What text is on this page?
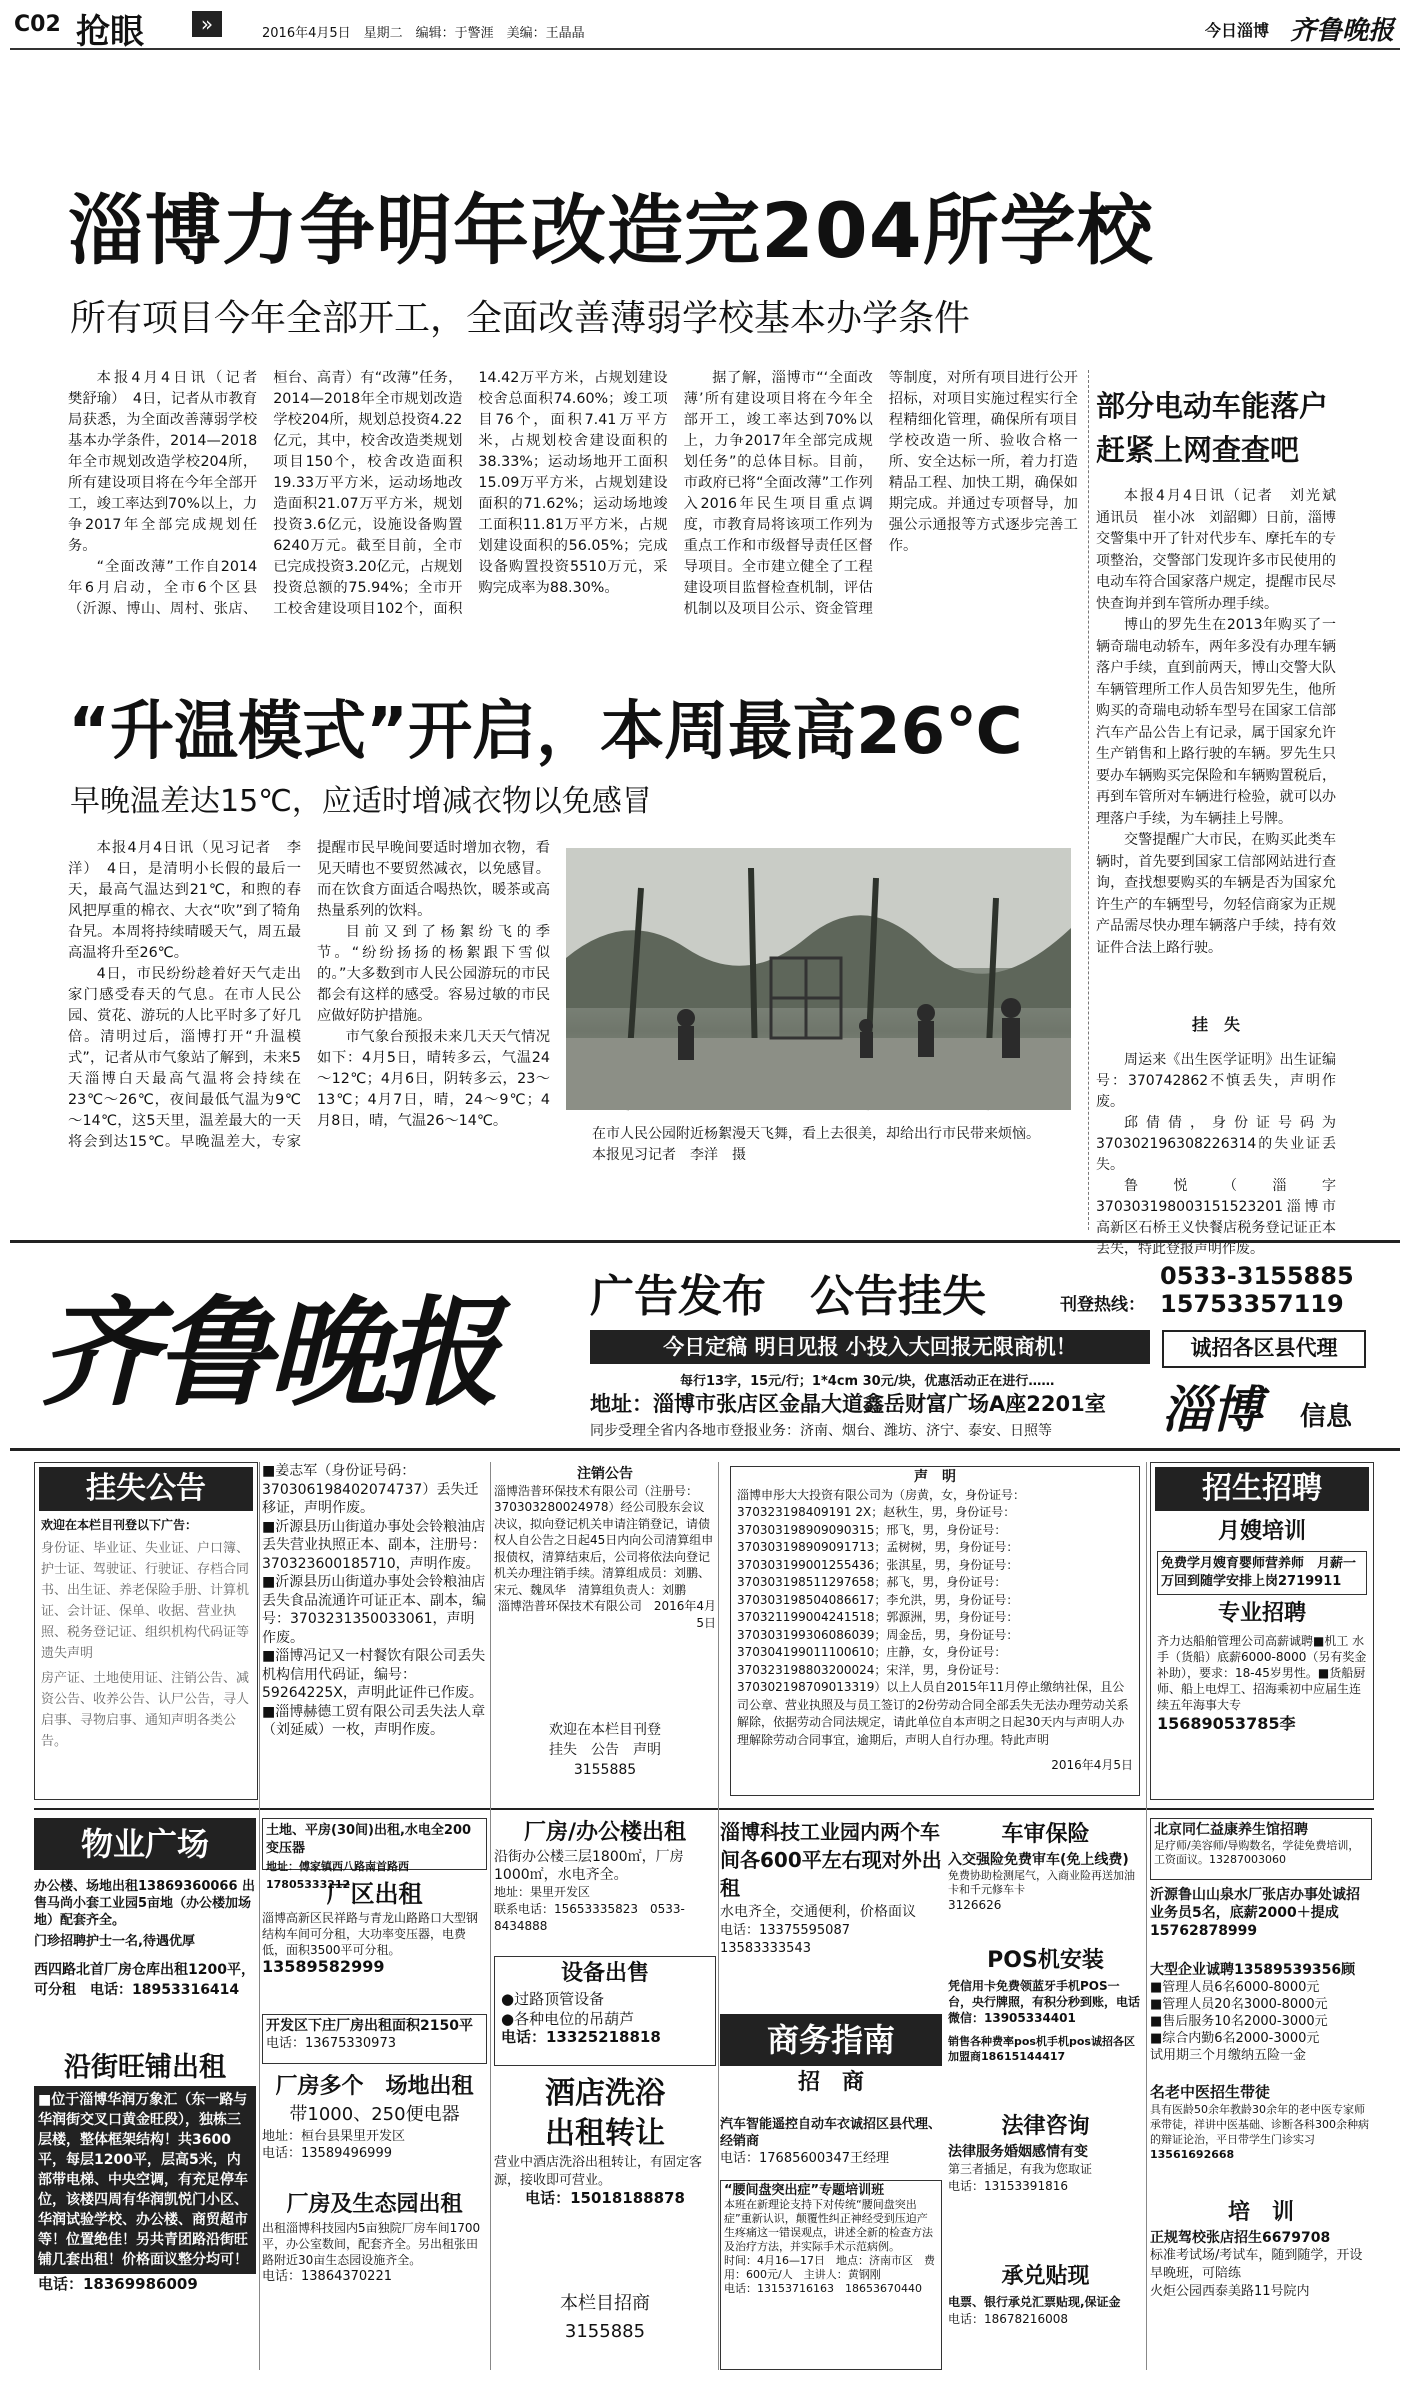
C02 抢眼	»	2016年4月5日　星期二　编辑：于警涯　美编：王晶晶	今日淄博 齐鲁晚报
淄博力争明年改造完204所学校
所有项目今年全部开工，全面改善薄弱学校基本办学条件

本报4月4日讯（记者　樊舒瑜）　4日，记者从市教育局获悉，为全面改善薄弱学校基本办学条件，2014—2018年全市规划改造学校204所，所有建设项目将在今年全部开工，竣工率达到70%以上，力争2017年全部完成规划任务。

“全面改薄”工作自2014年6月启动，全市6个区县（沂源、博山、周村、张店、桓台、高青）有“改薄”任务，2014—2018年全市规划改造学校204所，规划总投资4.22亿元，其中，校舍改造类规划项目150个，校舍改造面积19.33万平方米，运动场地改造面积21.07万平方米，规划投资3.6亿元，设施设备购置6240万元。截至目前，全市已完成投资3.20亿元，占规划投资总额的75.94%；全市开工校舍建设项目102个，面积14.42万平方米，占规划建设校舍总面积74.60%；竣工项目76个，面积7.41万平方米，占规划校舍建设面积的38.33%；运动场地开工面积15.09万平方米，占规划建设面积的71.62%；运动场地竣工面积11.81万平方米，占规划建设面积的56.05%；完成设备购置投资5510万元，采购完成率为88.30%。

据了解，淄博市“‘全面改薄’所有建设项目将在今年全部开工，竣工率达到70%以上，力争2017年全部完成规划任务”的总体目标。目前，市政府已将“全面改薄”工作列入2016年民生项目重点调度，市教育局将该项工作列为重点工作和市级督导责任区督导项目。全市建立健全了工程建设项目监督检查机制，评估机制以及项目公示、资金管理等制度，对所有项目进行公开招标，对项目实施过程实行全程精细化管理，确保所有项目学校改造一所、验收合格一所、安全达标一所，着力打造精品工程、加快工期，确保如期完成。并通过专项督导，加强公示通报等方式逐步完善工作。

“升温模式”开启，本周最高26℃
早晚温差达15℃，应适时增减衣物以免感冒

本报4月4日讯（见习记者　李洋）　4日，是清明小长假的最后一天，最高气温达到21℃，和煦的春风把厚重的棉衣、大衣“吹”到了犄角旮旯。本周将持续晴暖天气，周五最高温将升至26℃。

4日，市民纷纷趁着好天气走出家门感受春天的气息。在市人民公园、赏花、游玩的人比平时多了好几倍。清明过后，淄博打开“升温模式”，记者从市气象站了解到，未来5天淄博白天最高气温将会持续在23℃～26℃，夜间最低气温为9℃～14℃，这5天里，温差最大的一天将会到达15℃。早晚温差大，专家提醒市民早晚间要适时增加衣物，看见天晴也不要贸然减衣，以免感冒。而在饮食方面适合喝热饮，暖茶或高热量系列的饮料。

目前又到了杨絮纷飞的季节。“纷纷扬扬的杨絮跟下雪似的。”大多数到市人民公园游玩的市民都会有这样的感受。容易过敏的市民应做好防护措施。

市气象台预报未来几天天气情况如下：4月5日，晴转多云，气温24～12℃；4月6日，阴转多云，23～13℃；4月7日，晴，24～9℃；4月8日，晴，气温26～14℃。

在市人民公园附近杨絮漫天飞舞，看上去很美，却给出行市民带来烦恼。　　本报见习记者　李洋　摄
部分电动车能落户
赶紧上网查查吧

本报4月4日讯（记者　刘光斌　通讯员　崔小冰　刘韶卿）日前，淄博交警集中开了针对代步车、摩托车的专项整治，交警部门发现许多市民使用的电动车符合国家落户规定，提醒市民尽快查询并到车管所办理手续。

博山的罗先生在2013年购买了一辆奇瑞电动轿车，两年多没有办理车辆落户手续，直到前两天，博山交警大队车辆管理所工作人员告知罗先生，他所购买的奇瑞电动轿车型号在国家工信部汽车产品公告上有记录，属于国家允许生产销售和上路行驶的车辆。罗先生只要办车辆购买完保险和车辆购置税后，再到车管所对车辆进行检验，就可以办理落户手续，为车辆挂上号牌。

交警提醒广大市民，在购买此类车辆时，首先要到国家工信部网站进行查询，查找想要购买的车辆是否为国家允许生产的车辆型号，勿轻信商家为正规产品需尽快办理车辆落户手续，持有效证件合法上路行驶。

挂　失

周运来《出生医学证明》出生证编号：370742862不慎丢失，声明作废。

邱倩倩，身份证号码为370302196308226314的失业证丢失。

鲁悦（淄字370303198003151523201淄博市高新区石桥王义快餐店税务登记证正本丢失，特此登报声明作废。

齐鲁晚报 广告发布　公告挂失	刊登热线：
0533-3155885
15753357119
今日定稿 明日见报 小投入大回报无限商机！	诚招各区县代理
每行13字，15元/行；1*4cm 30元/块，优惠活动正在进行……
地址：淄博市张店区金晶大道鑫岳财富广场A座2201室
同步受理全省内各地市登报业务：济南、烟台、潍坊、济宁、泰安、日照等 淄博 信息
挂失公告
欢迎在本栏目刊登以下广告：
身份证、毕业证、失业证、户口簿、护士证、驾驶证、行驶证、存档合同书、出生证、养老保险手册、计算机证、会计证、保单、收据、营业执照、税务登记证、组织机构代码证等遗失声明
房产证、土地使用证、注销公告、减资公告、收养公告、认尸公告，寻人启事、寻物启事、通知声明各类公告。
■姜志军（身份证号码：370306198402074737）丢失迁移证，声明作废。
■沂源县历山街道办事处会铃粮油店丢失营业执照正本、副本，注册号：370323600185710，声明作废。
■沂源县历山街道办事处会铃粮油店丢失食品流通许可证正本、副本，编号：3703231350033061，声明作废。
■淄博冯记又一村餐饮有限公司丢失机构信用代码证，编号：59264225X，声明此证件已作废。
■淄博赫德工贸有限公司丢失法人章（刘延威）一枚，声明作废。
注销公告
淄博浩普环保技术有限公司（注册号：370303280024978）经公司股东会议决议，拟向登记机关申请注销登记，请债权人自公告之日起45日内向公司清算组申报债权，清算结束后，公司将依法向登记机关办理注销手续。清算组成员：刘鹏、宋元、魏凤华　清算组负责人：刘鹏
淄博浩普环保技术有限公司　2016年4月5日
欢迎在本栏目刊登
挂失　公告　声明
3155885
声　明
淄博申彤大大投资有限公司为（房黄，女，身份证号：370323198409191 2X；赵秋生，男，身份证号：370303198909090315；邢飞，男，身份证号：370303198909091713；孟树树，男，身份证号：370303199001255436；张淇星，男，身份证号：370303198511297658；郝飞，男，身份证号：370303198504086617；李允洪，男，身份证号：370321199004241518；郭源洲，男，身份证号：370303199306086039；周金岳，男，身份证号：370304199011100610；庄静，女，身份证号：370323198803200024；宋洋，男，身份证号：370302198709013319）以上人员自2015年11月停止缴纳社保，且公司公章、营业执照及与员工签订的2份劳动合同全部丢失无法办理劳动关系解除，依据劳动合同法规定，请此单位自本声明之日起30天内与声明人办理解除劳动合同事宜，逾期后，声明人自行办理。特此声明
2016年4月5日
招生招聘
月嫂培训
免费学月嫂育婴师营养师　月薪一万回到随学安排上岗2719911
专业招聘
齐力达船舶管理公司高薪诚聘■机工 水手（货船）底薪6000-8000（另有奖金补助），要求：18-45岁男性。■货船厨师、船上电焊工、招海乘初中应届生连续五年海事大专
15689053785李
物业广场
办公楼、场地出租13869360066 出售马尚小套工业园5亩地（办公楼加场地）配套齐全。
门珍招聘护士一名,待遇优厚
西四路北首厂房仓库出租1200平，可分租　电话：18953316414
沿街旺铺出租
■位于淄博华润万象汇（东一路与华润街交叉口黄金旺段），独栋三层楼，整体框架结构！共3600平，每层1200平，层高5米，内部带电梯、中央空调，有充足停车位，该楼四周有华润凯悦门小区、华润试验学校、办公楼、商贸超市等！位置绝佳！另共青团路沿街旺铺几套出租！价格面议整分均可！
电话：18369986009
土地、平房(30间)出租,水电全200变压器
地址：傅家镇西八路南首路西17805333212
厂区出租
淄博高新区民祥路与青龙山路路口大型钢结构车间可分租，大功率变压器，电费低，面积3500平可分租。
13589582999
开发区下庄厂房出租面积2150平
电话：13675330973
厂房多个　场地出租
带1000、250便电器
地址：桓台县果里开发区
电话：13589496999
厂房及生态园出租
出租淄博科技园内5亩独院厂房车间1700平，办公室数间，配套齐全。另出租张田路附近30亩生态园设施齐全。
电话：13864370221
厂房/办公楼出租
沿街办公楼三层1800㎡，厂房1000㎡，水电齐全。
地址：果里开发区
联系电话：15653335823　0533-8434888
设备出售
●过路顶管设备
●各种电位的吊葫芦
电话：13325218818
酒店洗浴
出租转让
营业中酒店洗浴出租转让，有固定客源，接收即可营业。
电话：15018188878
本栏目招商
3155885
淄博科技工业园内两个车间各600平左右现对外出租
水电齐全，交通便利，价格面议
电话：13375595087　13583333543
商务指南
招　商
汽车智能遥控自动车衣诚招区县代理、经销商
电话：17685600347王经理
“腰间盘突出症”专题培训班
本班在新理论支持下对传统“腰间盘突出症”重新认识，颠覆性纠正神经受到压迫产生疼痛这一错误观点，讲述全新的检查方法及治疗方法，并实际手术示范病例。
时间：4月16—17日　地点：济南市区　费用：600元/人　主讲人：黄钢刚
电话：13153716163　18653670440
车审保险
入交强险免费审车(免上线费)
免费协助检测尾气，入商业险再送加油卡和千元修车卡
3126626
POS机安装
凭信用卡免费领蓝牙手机POS一台，央行牌照，有积分秒到账，电话微信：13905334401
销售各种费率pos机手机pos诚招各区加盟商18615144417
法律咨询
法律服务婚姻感情有变
第三者插足，有我为您取证
电话：13153391816
承兑贴现
电票、银行承兑汇票贴现,保证金
电话：18678216008
北京同仁益康养生馆招聘
足疗师/美容师/导购数名，学徒免费培训，工资面议。13287003060
沂源鲁山山泉水厂张店办事处诚招业务员5名，底薪2000＋提成
15762878999
大型企业诚聘13589539356顾
■管理人员6名6000-8000元
■管理人员20名3000-8000元
■售后服务10名2000-3000元
■综合内勤6名2000-3000元
试用期三个月缴纳五险一金
名老中医招生带徒
具有医龄50余年教龄30余年的老中医专家师承带徒，祥讲中医基础、诊断各科300余种病的辩证论治，平日带学生门诊实习
13561692668
培　训
正规驾校张店招生6679708
标准考试场/考试车，随到随学，开设早晚班，可陪练
火炬公园西泰美路11号院内
